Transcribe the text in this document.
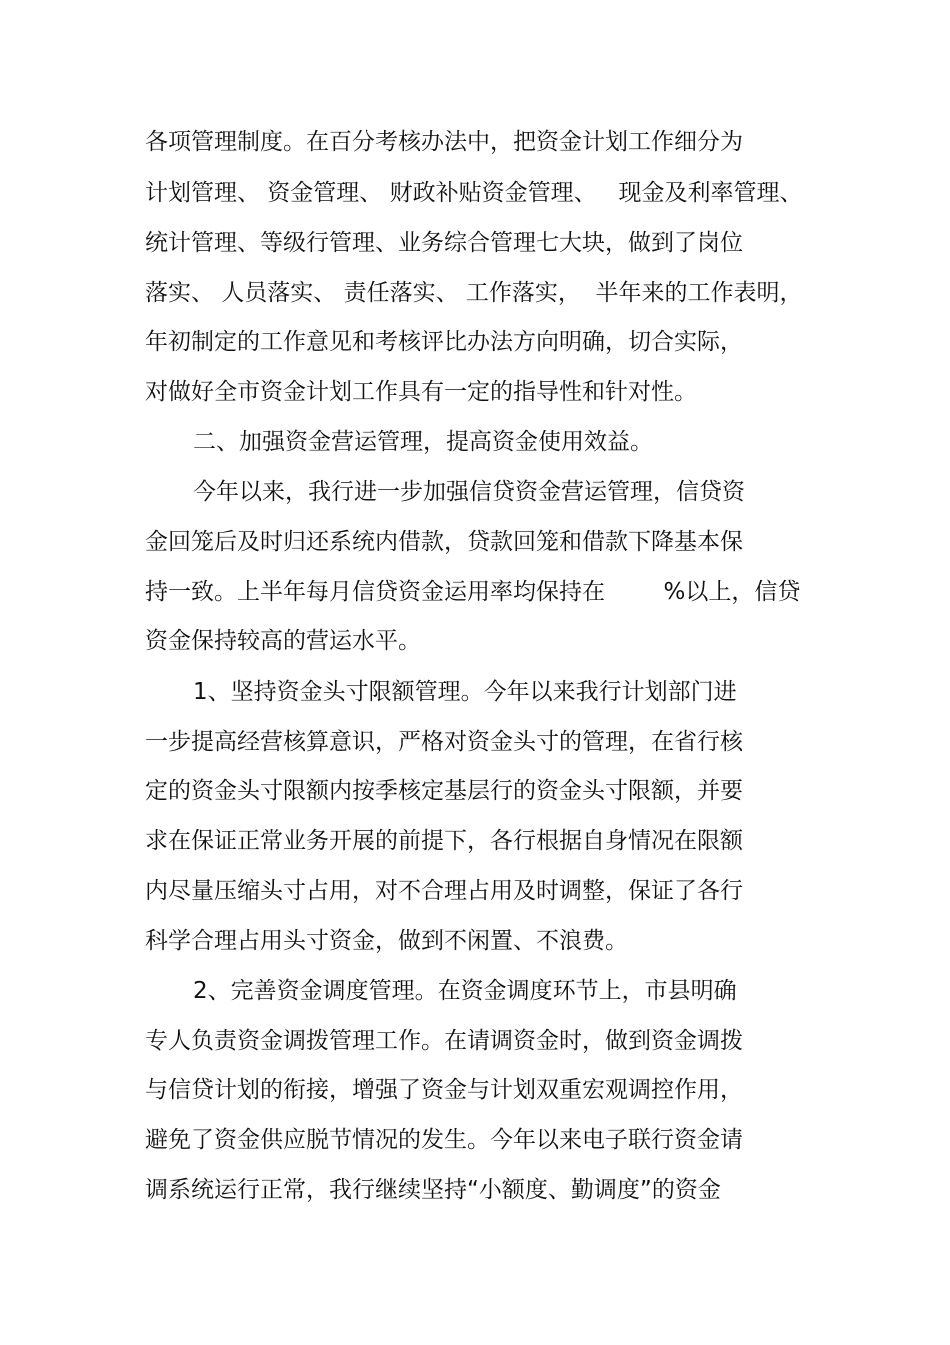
各项管理制度。在百分考核办法中，把资金计划工作细分为
计划管理、 资金管理、 财政补贴资金管理、   现金及利率管理、
统计管理、等级行管理、业务综合管理七大块，做到了岗位
落实、 人员落实、 责任落实、 工作落实，  半年来的工作表明，
年初制定的工作意见和考核评比办法方向明确，切合实际，
对做好全市资金计划工作具有一定的指导性和针对性。
二、加强资金营运管理，提高资金使用效益。
今年以来，我行进一步加强信贷资金营运管理，信贷资
金回笼后及时归还系统内借款，贷款回笼和借款下降基本保
持一致。上半年每月信贷资金运用率均保持在        %以上，信贷
资金保持较高的营运水平。
1、坚持资金头寸限额管理。今年以来我行计划部门进
一步提高经营核算意识，严格对资金头寸的管理，在省行核
定的资金头寸限额内按季核定基层行的资金头寸限额，并要
求在保证正常业务开展的前提下，各行根据自身情况在限额
内尽量压缩头寸占用，对不合理占用及时调整，保证了各行
科学合理占用头寸资金，做到不闲置、不浪费。
2、完善资金调度管理。在资金调度环节上，市县明确
专人负责资金调拨管理工作。在请调资金时，做到资金调拨
与信贷计划的衔接，增强了资金与计划双重宏观调控作用，
避免了资金供应脱节情况的发生。今年以来电子联行资金请
调系统运行正常，我行继续坚持“小额度、勤调度”的资金
